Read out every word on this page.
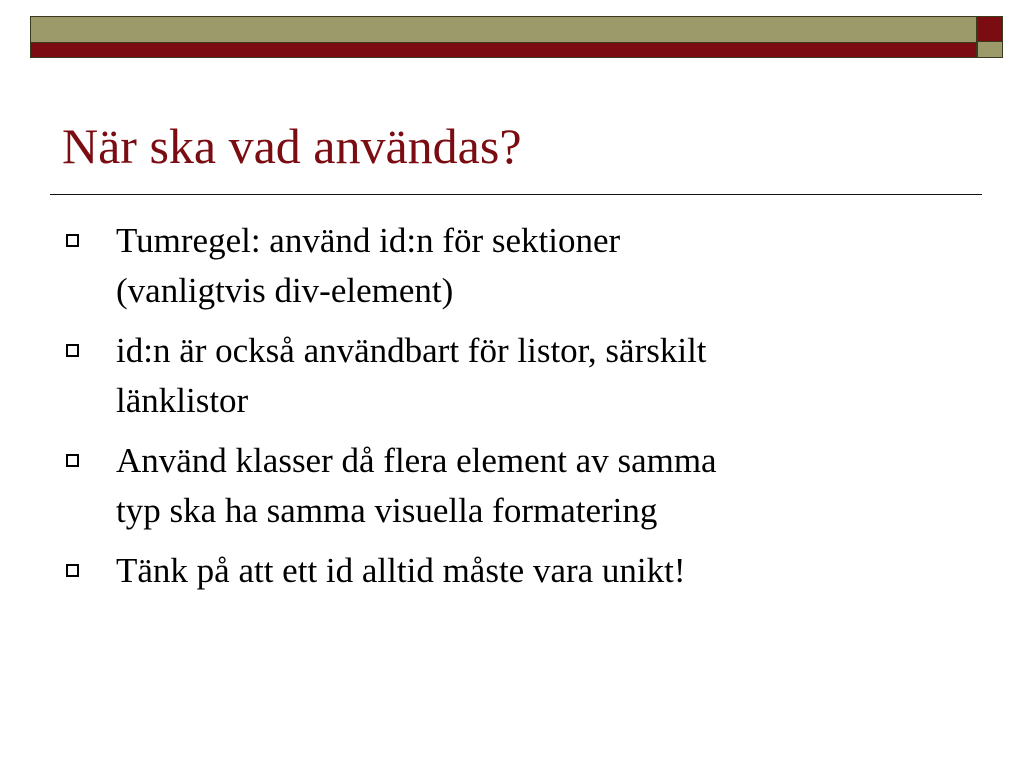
När ska vad användas?
Tumregel: använd id:n för sektioner
(vanligtvis div-element)
id:n är också användbart för listor, särskilt
länklistor
Använd klasser då flera element av samma
typ ska ha samma visuella formatering
Tänk på att ett id alltid måste vara unikt!
